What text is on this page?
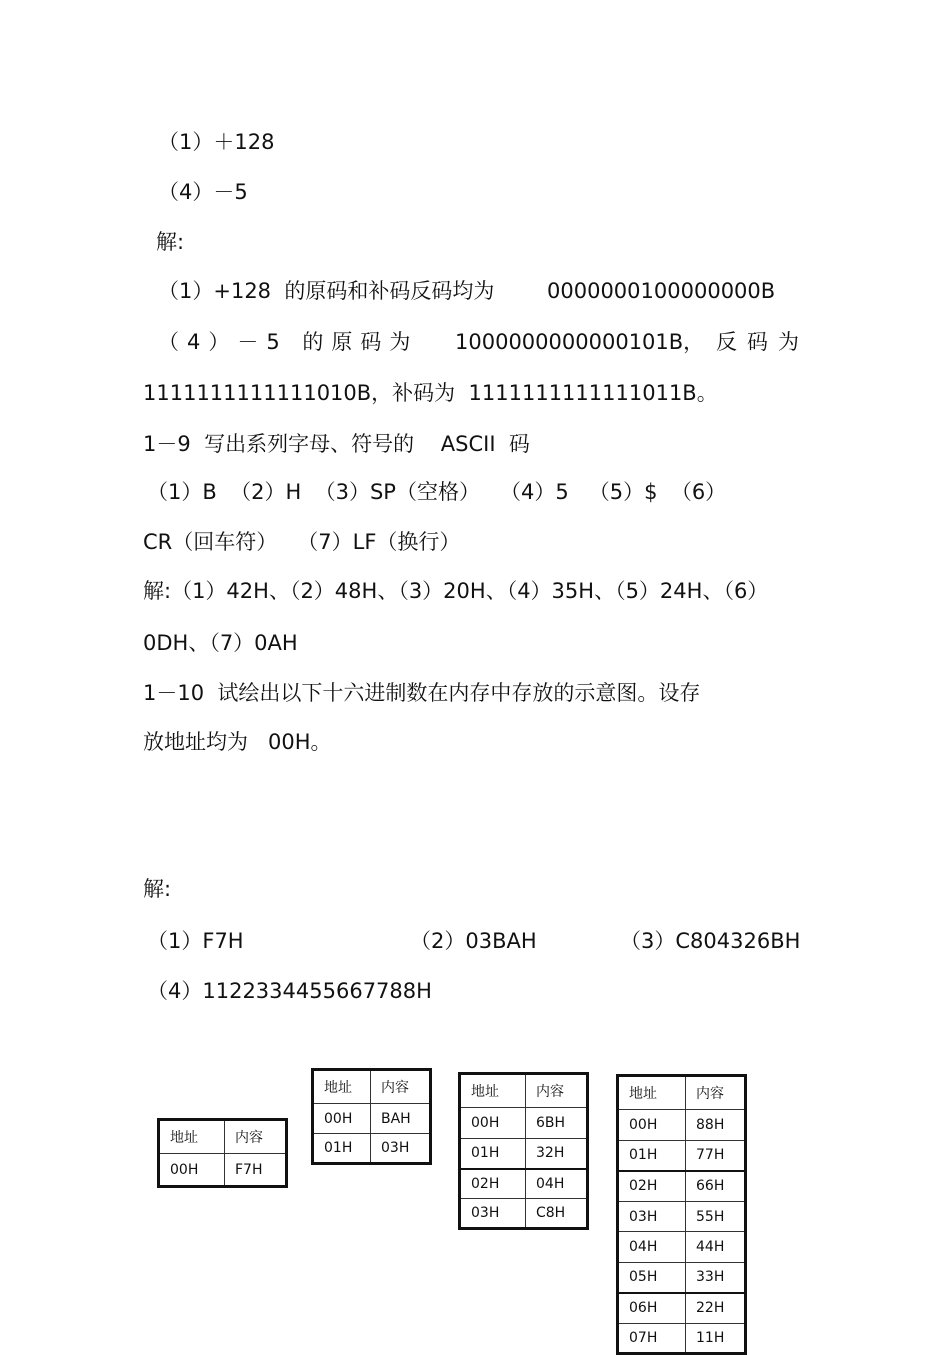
（1）＋128
（4）－5
解:
（1）+128  的原码和补码反码均为	0000000100000000B
（4）－5 的原码为 1000000000000101B， 反码为
1111111111111010B，补码为  1111111111111011B。
1－9  写出系列字母、符号的    ASCII  码
（1）B  （2）H  （3）SP（空格）   （4）5   （5）$  （6）
CR（回车符）   （7）LF（换行）
解:（1）42H、（2）48H、（3）20H、（4）35H、（5）24H、（6）
0DH、（7）0AH
1－10  试绘出以下十六进制数在内存中存放的示意图。设存
放地址均为   00H。
解:
（1）F7H	（2）03BAH	（3）C804326BH
（4）1122334455667788H
地址	内容
00H	F7H
地址	内容
00H	BAH
01H	03H
地址	内容
00H	6BH
01H	32H
02H	04H
03H	C8H
地址	内容
00H	88H
01H	77H
02H	66H
03H	55H
04H	44H
05H	33H
06H	22H
07H	11H
